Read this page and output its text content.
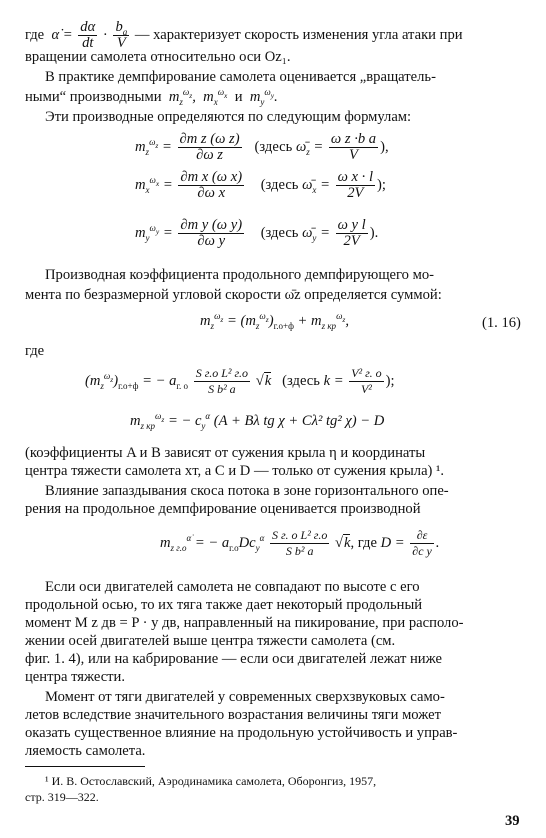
где  α̇ = $\frac{d\alpha}{dt} \cdot \frac{b_a}{V}$ — характеризует скорость изменения угла атаки при
вращении самолета относительно оси Oz₁.
В практике демпфирование самолета оценивается „вращатель-
ными“ производными  $m_z^{\omega_z}$,  $m_x^{\omega_x}$ и  $m_y^{\omega_y}$.
Эти производные определяются по следующим формулам:
$m_z^{\omega_z} = \frac{\text{∂m z (ω z)}}{\text{∂ω z}}$ (здесь $\omegā_z = \frac{\text{ω z ·b a}}{V}$ ),
$m_x^{\omega_x} = \frac{\text{∂m x (ω x)}}{\text{∂ω x}}$ (здесь $\omegā_x = \frac{\text{ω x · l}}{2V}$ );
$m_y^{\omega_y} = \frac{\text{∂m y (ω y)}}{\text{∂ω y}}$ (здесь $\omegā_y = \frac{\text{ω y l}}{2V}$ ).
Производная коэффициента продольного демпфирующего мо-
мента по безразмерной угловой скорости ω̄z определяется суммой:
$m_z^{\omega_z} = (m_z^{\omega_z})_{г.о+ф} + m_{z кр}^{\omega_z}$,	(1. 16)
где
$(m_z^{\omega_z})_{г.о+ф}$ = − $a_{г. о} \frac{\text{S г.о L² г.о}}{\text{S b² a}} √k$ (здесь $k = \frac{\text{V² г. о}}{\text{V²}}$ );
$m_{z кр}^{\omega_z}$ = − $c_y^\alpha$ (A + Bλ tg χ + Cλ² tg² χ) − D
(коэффициенты A и B зависят от сужения крыла η и координаты
центра тяжести самолета xт, а C и D — только от сужения крыла) ¹.
Влияние запаздывания скоса потока в зоне горизонтального опе-
рения на продольное демпфирование оценивается производной
$m_{z г.о}^{\alphȧ}$ = − $a_{г.о}Dc_y^\alpha \frac{\text{S г. о L² г.о}}{\text{S b² a}} √k$, где $D = \frac{\partial\varepsilon}{\text{∂c y}}$ .
Если оси двигателей самолета не совпадают по высоте с его
продольной осью, то их тяга также дает некоторый продольный
момент M z дв = P · y дв, направленный на пикирование, при располо-
жении осей двигателей выше центра тяжести самолета (см.
фиг. 1. 4), или на кабрирование — если оси двигателей лежат ниже
центра тяжести.
Момент от тяги двигателей у современных сверхзвуковых само-
летов вследствие значительного возрастания величины тяги может
оказать существенное влияние на продольную устойчивость и управ-
ляемость самолета.
¹ И. В. Остославский, Аэродинамика самолета, Оборонгиз, 1957,
стр. 319—322.
39
